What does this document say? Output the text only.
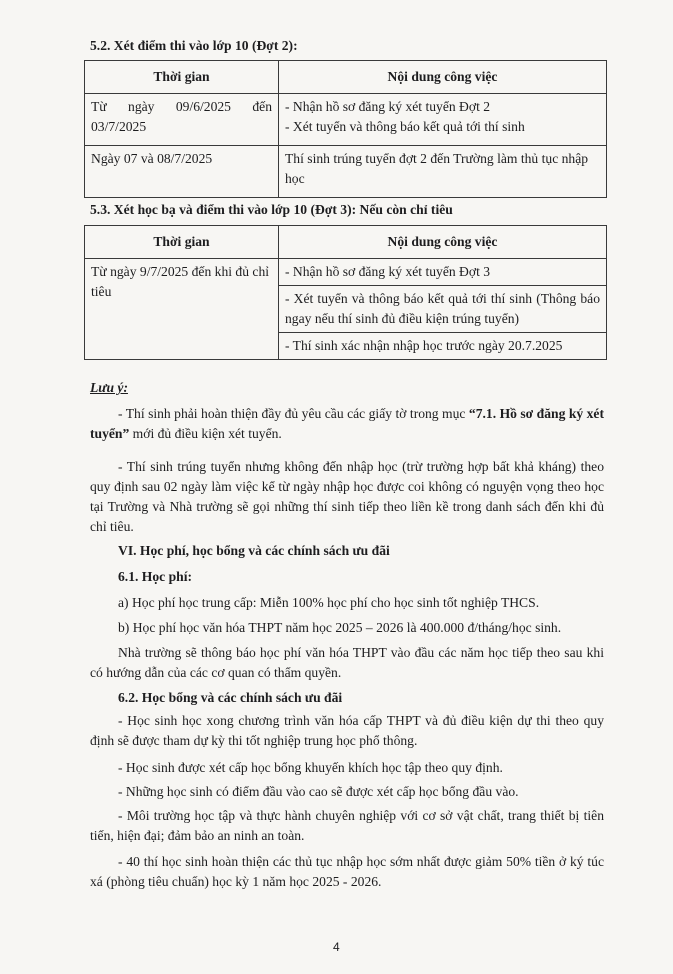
5.2. Xét điểm thi vào lớp 10 (Đợt 2):
Thời gian	Nội dung công việc
Từ ngày 09/6/2025 đến 03/7/2025	- Nhận hồ sơ đăng ký xét tuyển Đợt 2
- Xét tuyển và thông báo kết quả tới thí sinh

Ngày 07 và 08/7/2025	Thí sinh trúng tuyển đợt 2 đến Trường làm thủ tục nhập học
5.3. Xét học bạ và điểm thi vào lớp 10 (Đợt 3): Nếu còn chỉ tiêu
Thời gian	Nội dung công việc
Từ ngày 9/7/2025 đến khi đủ chỉ tiêu	- Nhận hồ sơ đăng ký xét tuyển Đợt 3
	- Xét tuyển và thông báo kết quả tới thí sinh (Thông báo ngay nếu thí sinh đủ điều kiện trúng tuyển)
	- Thí sinh xác nhận nhập học trước ngày 20.7.2025
Lưu ý:
- Thí sinh phải hoàn thiện đầy đủ yêu cầu các giấy tờ trong mục “7.1. Hồ sơ đăng ký xét tuyển” mới đủ điều kiện xét tuyển.
- Thí sinh trúng tuyển nhưng không đến nhập học (trừ trường hợp bất khả kháng) theo quy định sau 02 ngày làm việc kể từ ngày nhập học được coi không có nguyện vọng theo học tại Trường và Nhà trường sẽ gọi những thí sinh tiếp theo liền kề trong danh sách đến khi đủ chỉ tiêu.
VI. Học phí, học bổng và các chính sách ưu đãi
6.1. Học phí:
a) Học phí học trung cấp: Miễn 100% học phí cho học sinh tốt nghiệp THCS.
b) Học phí học văn hóa THPT năm học 2025 – 2026 là 400.000 đ/tháng/học sinh.
Nhà trường sẽ thông báo học phí văn hóa THPT vào đầu các năm học tiếp theo sau khi có hướng dẫn của các cơ quan có thẩm quyền.
6.2. Học bổng và các chính sách ưu đãi
- Học sinh học xong chương trình văn hóa cấp THPT và đủ điều kiện dự thi theo quy định sẽ được tham dự kỳ thi tốt nghiệp trung học phổ thông.
- Học sinh được xét cấp học bổng khuyến khích học tập theo quy định.
- Những học sinh có điểm đầu vào cao sẽ được xét cấp học bổng đầu vào.
- Môi trường học tập và thực hành chuyên nghiệp với cơ sở vật chất, trang thiết bị tiên tiến, hiện đại; đảm bảo an ninh an toàn.
- 40 thí học sinh hoàn thiện các thủ tục nhập học sớm nhất được giảm 50% tiền ở ký túc xá (phòng tiêu chuẩn) học kỳ 1 năm học 2025 - 2026.
4
